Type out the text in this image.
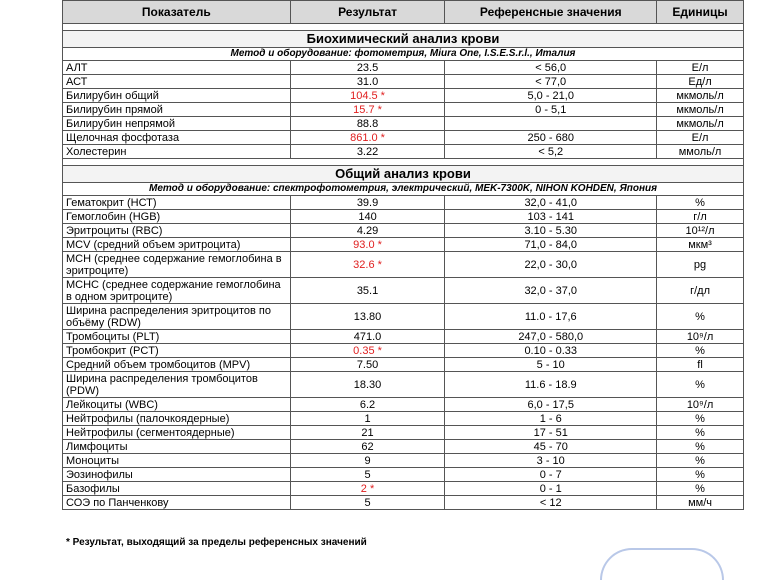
Показатель	Результат	Референсные значения	Единицы

Биохимический анализ крови			
Метод и оборудование: фотометрия, Miura One, I.S.E.S.r.l., Италия			
АЛТ	23.5	< 56,0	Е/л
АСТ	31.0	< 77,0	Ед/л
Билирубин общий	104.5 *	5,0 - 21,0	мкмоль/л
Билирубин прямой	15.7 *	0 - 5,1	мкмоль/л
Билирубин непрямой	88.8		мкмоль/л
Щелочная фосфотаза	861.0 *	250 - 680	Е/л
Холестерин	3.22	< 5,2	ммоль/л

Общий анализ крови			
Метод и оборудование: спектрофотометрия, электрический, MEK-7300K, NIHON KOHDEN, Япония			
Гематокрит (НСТ)	39.9	32,0 - 41,0	%
Гемоглобин (HGB)	140	103 - 141	г/л
Эритроциты (RBC)	4.29	3.10 - 5.30	10¹²/л
MCV (средний объем эритроцита)	93.0 *	71,0 - 84,0	мкм³
МСН (среднее содержание гемоглобина в эритроците)	32.6 *	22,0 - 30,0	pg
МСНС (среднее содержание гемоглобина в одном эритроците)	35.1	32,0 - 37,0	г/дл
Ширина распределения эритроцитов по объёму (RDW)	13.80	11.0 - 17,6	%
Тромбоциты (PLT)	471.0	247,0 - 580,0	10⁹/л
Тромбокрит (PCT)	0.35 *	0.10 - 0.33	%
Средний объем тромбоцитов (MPV)	7.50	5 - 10	fl
Ширина распределения тромбоцитов (PDW)	18.30	11.6 - 18.9	%
Лейкоциты (WBC)	6.2	6,0 - 17,5	10⁹/л
Нейтрофилы (палочкоядерные)	1	1 - 6	%
Нейтрофилы (сегментоядерные)	21	17 - 51	%
Лимфоциты	62	45 - 70	%
Моноциты	9	3 - 10	%
Эозинофилы	5	0 - 7	%
Базофилы	2 *	0 - 1	%
СОЭ по Панченкову	5	< 12	мм/ч
* Результат, выходящий за пределы референсных значений
